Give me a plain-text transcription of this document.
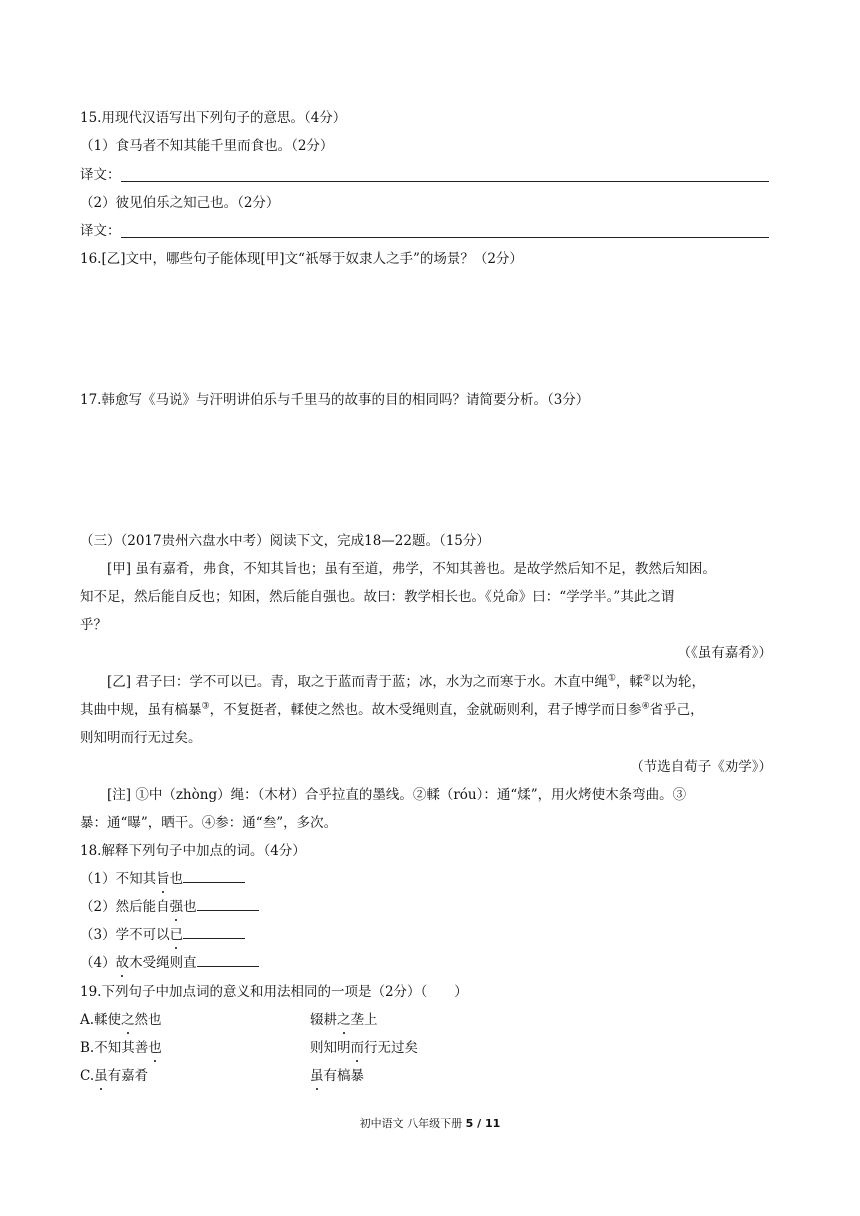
15.用现代汉语写出下列句子的意思。（4分）
（1）食马者不知其能千里而食也。（2分）
译文：
（2）彼见伯乐之知己也。（2分）
译文：
16.[乙]文中，哪些句子能体现[甲]文“祇辱于奴隶人之手”的场景？（2分）
17.韩愈写《马说》与汗明讲伯乐与千里马的故事的目的相同吗？请简要分析。（3分）
（三）（2017贵州六盘水中考）阅读下文，完成18—22题。（15分）
[甲] 虽有嘉肴，弗食，不知其旨也；虽有至道，弗学，不知其善也。是故学然后知不足，教然后知困。
知不足，然后能自反也；知困，然后能自强也。故曰：教学相长也。《兑命》曰：“学学半。”其此之谓
乎？
（《虽有嘉肴》）
[乙] 君子曰：学不可以已。青，取之于蓝而青于蓝；冰，水为之而寒于水。木直中绳①，輮②以为轮，
其曲中规，虽有槁暴③，不复挺者，輮使之然也。故木受绳则直，金就砺则利，君子博学而日参④省乎己，
则知明而行无过矣。
（节选自荀子《劝学》）
[注] ①中（zhòng）绳：（木材）合乎拉直的墨线。②輮（róu）：通“煣”，用火烤使木条弯曲。③
暴：通“曝”，晒干。④参：通“叁”，多次。
18.解释下列句子中加点的词。（4分）
（1）不知其旨也
（2）然后能自强也
（3）学不可以已
（4）故木受绳则直
19.下列句子中加点词的意义和用法相同的一项是（2分）（　　）
A.輮使之然也	辍耕之垄上
B.不知其善也	则知明而行无过矣
C.虽有嘉肴	虽有槁暴
初中语文 八年级下册 5 / 11
